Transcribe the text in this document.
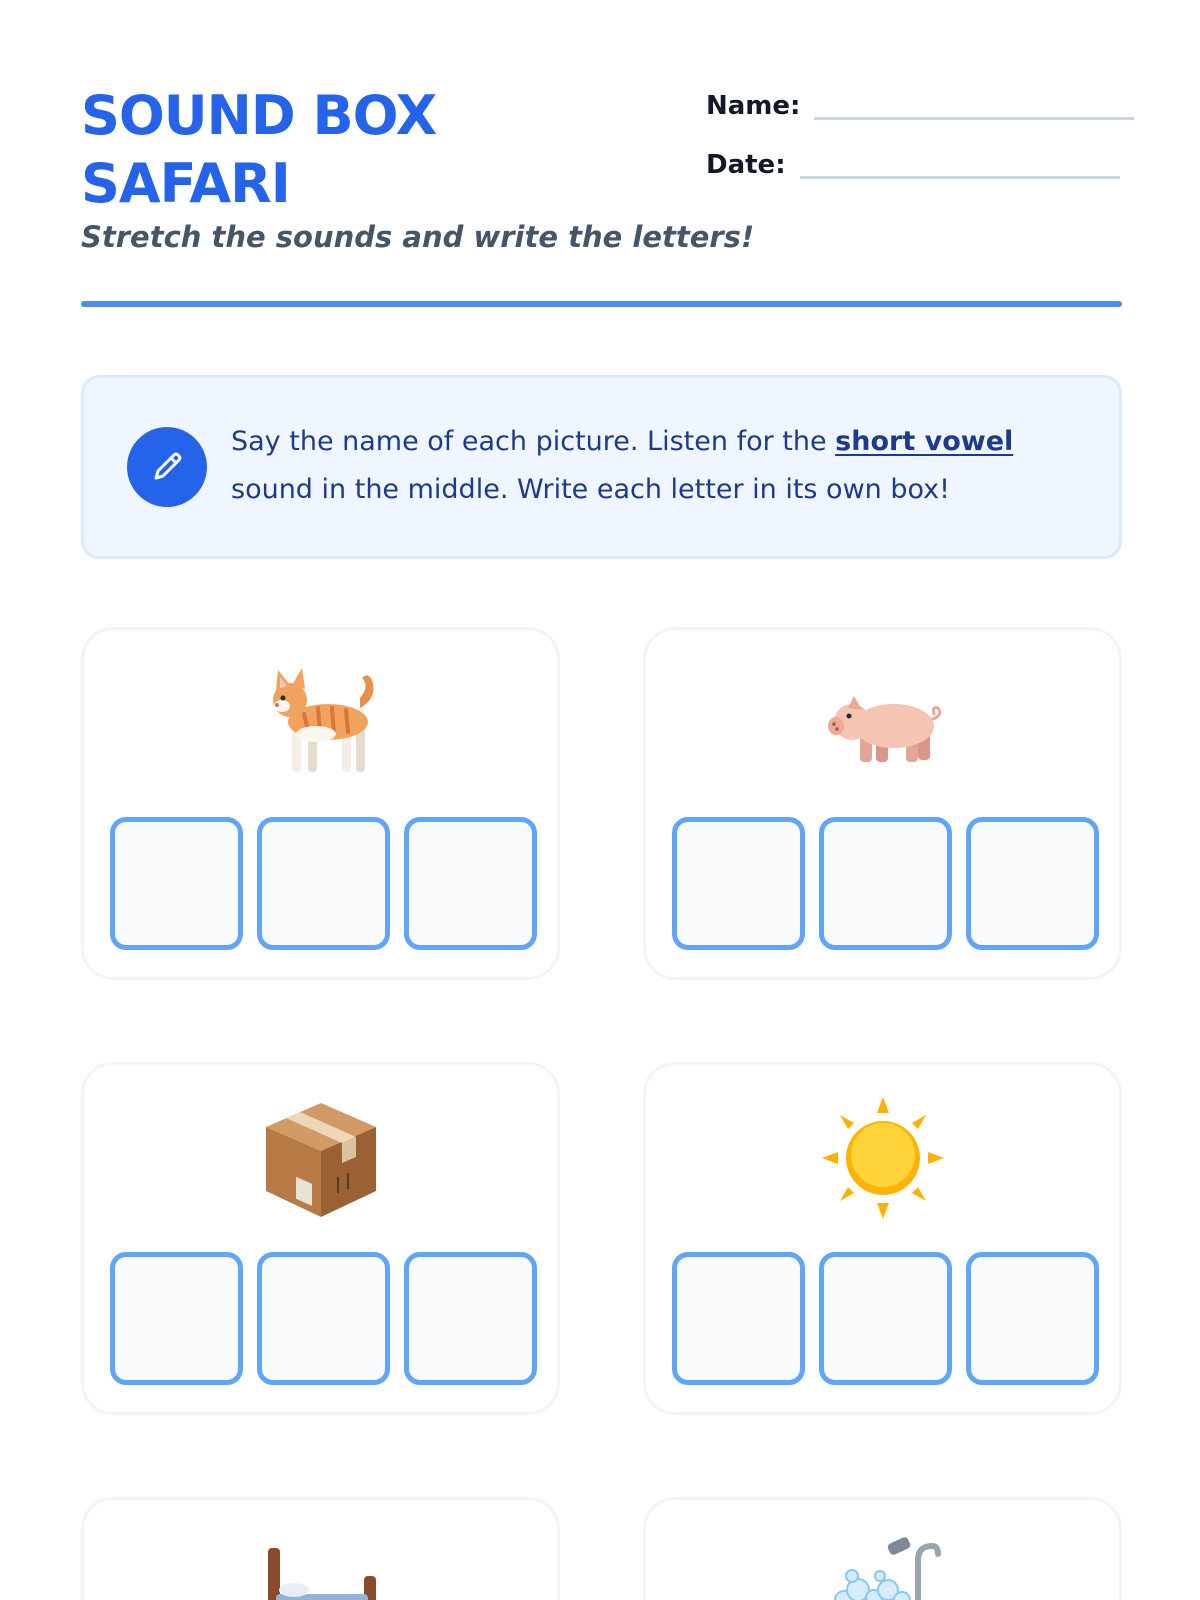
SOUND BOX SAFARI

Stretch the sounds and write the letters!

Name:
Date:

Say the name of each picture. Listen for the short vowel sound in the middle. Write each letter in its own box!
